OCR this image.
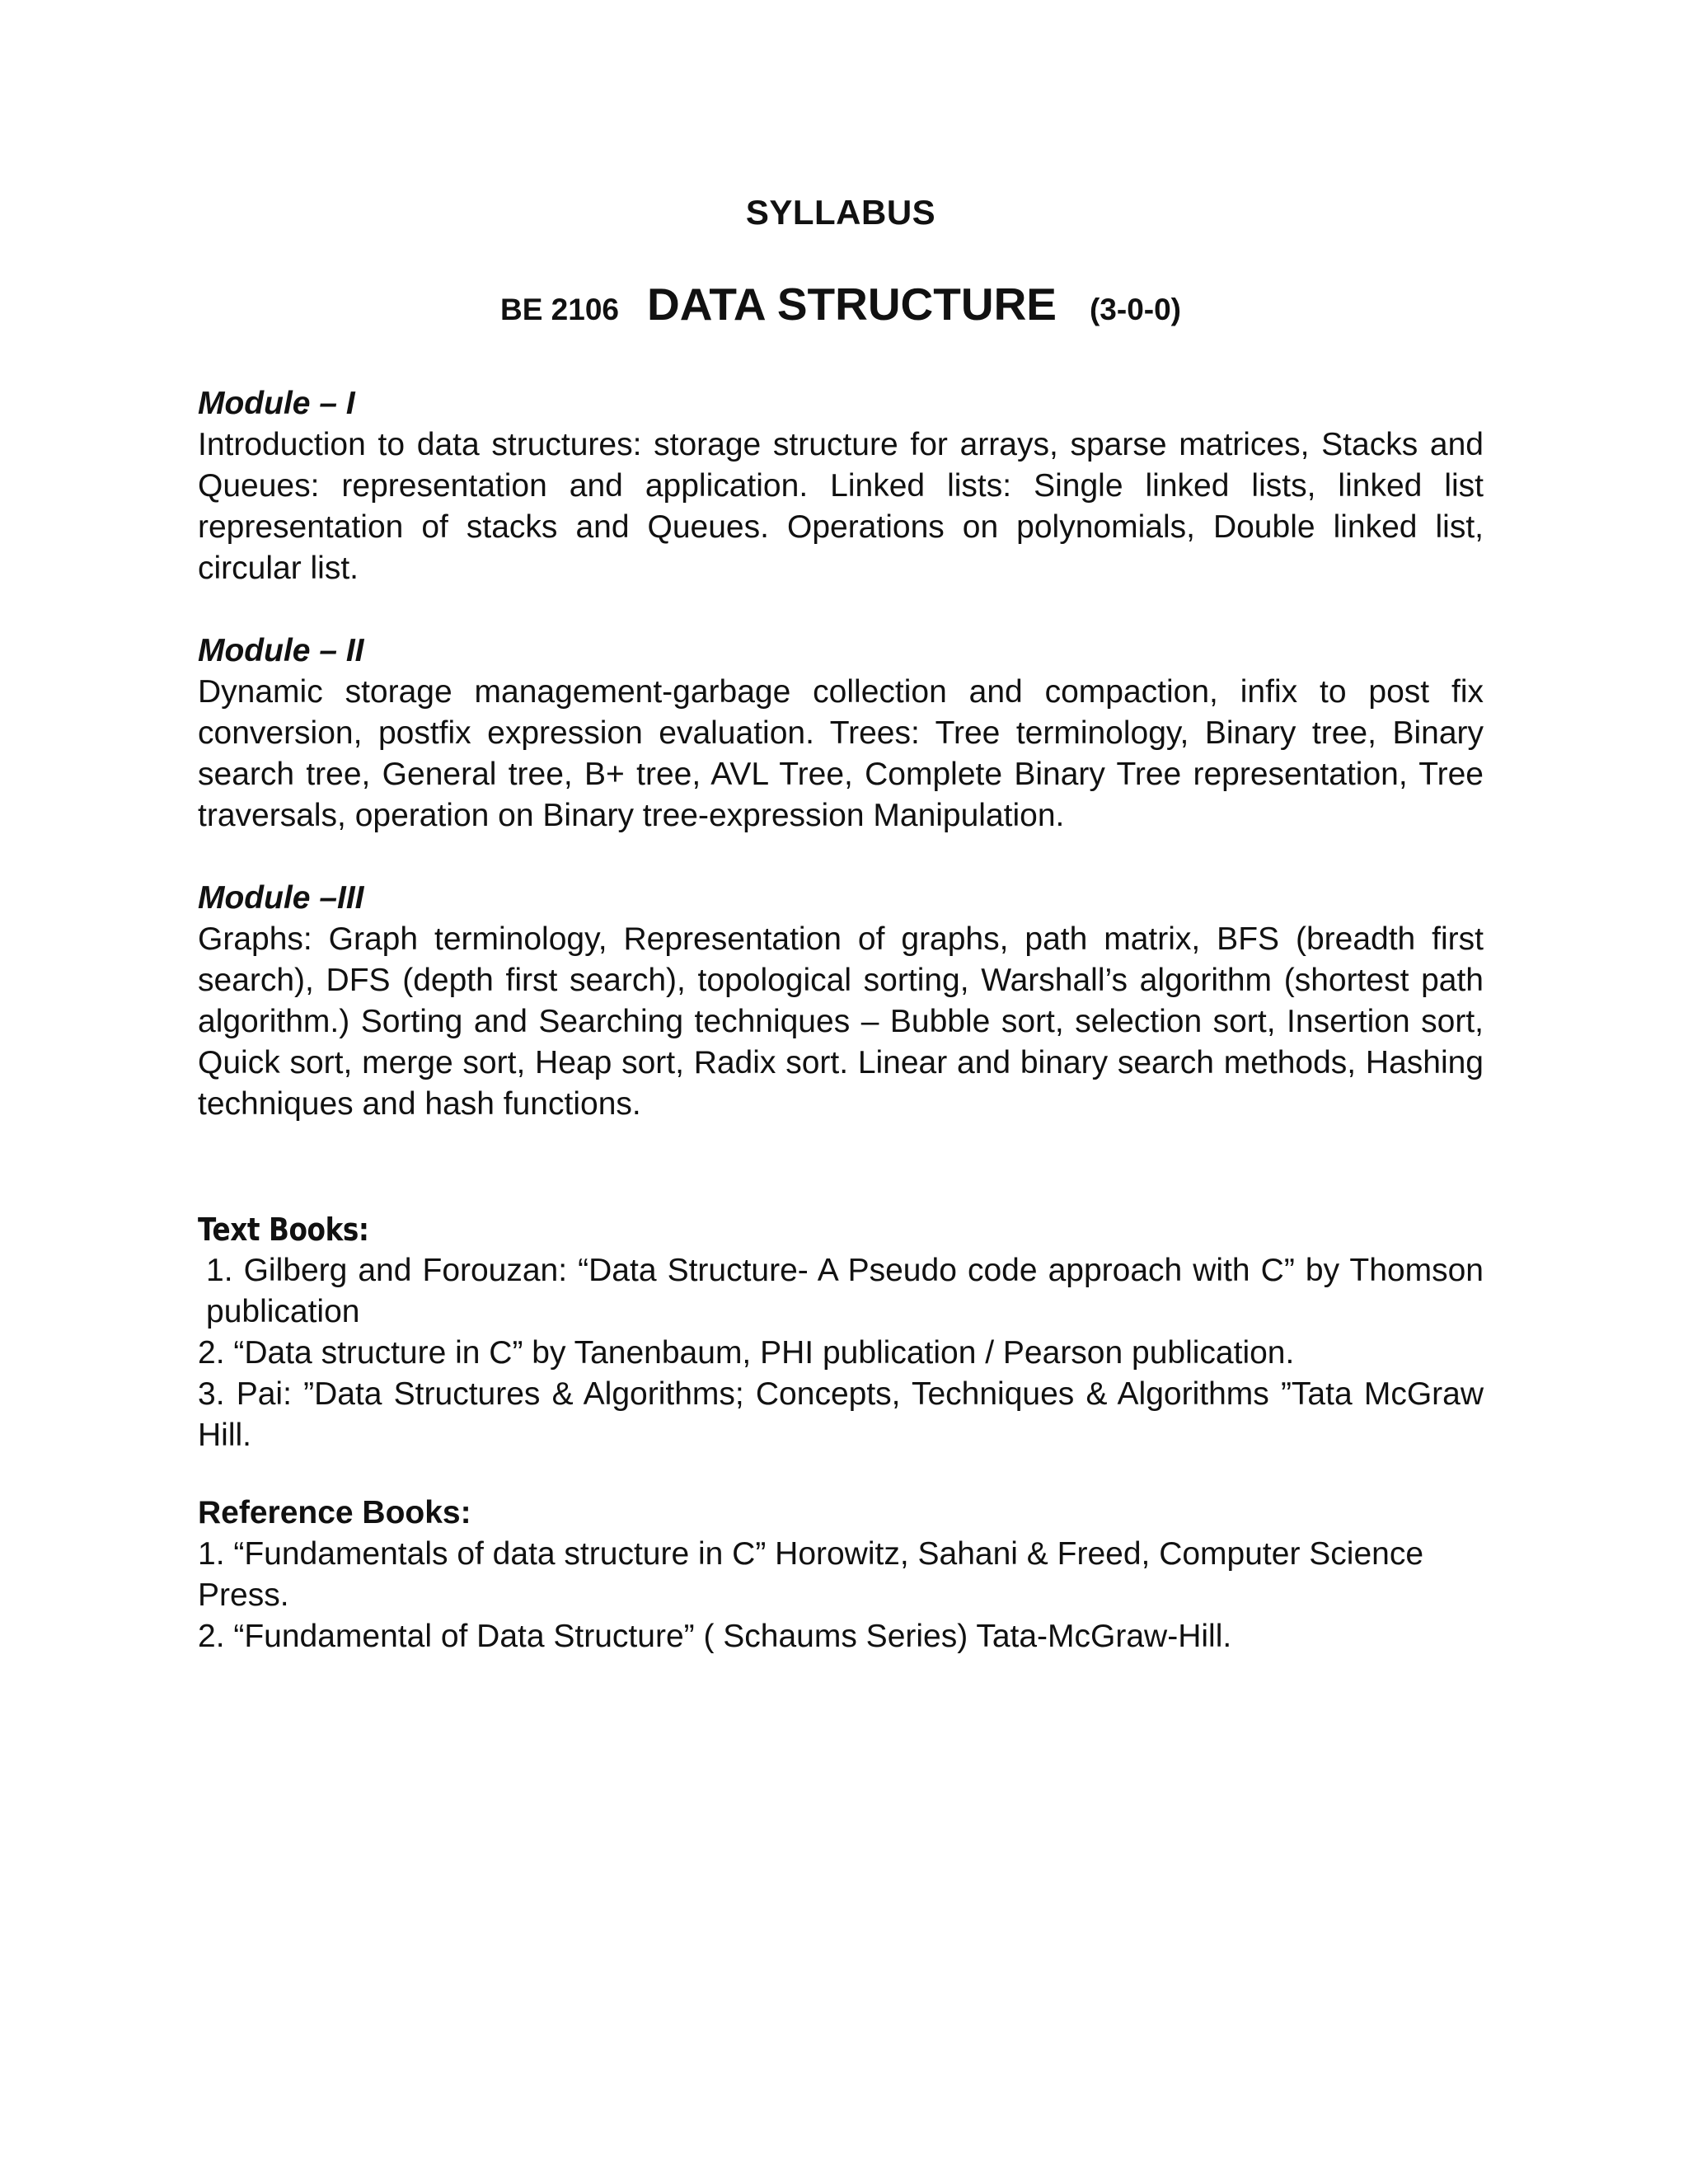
SYLLABUS
BE 2106 DATA STRUCTURE (3-0-0)

Module – I

Introduction to data structures: storage structure for arrays, sparse matrices, Stacks and Queues: representation and application. Linked lists: Single linked lists, linked list representation of stacks and Queues. Operations on polynomials, Double linked list, circular list.

Module – II

Dynamic storage management-garbage collection and compaction, infix to post fix conversion, postfix expression evaluation. Trees: Tree terminology, Binary tree, Binary search tree, General tree, B+ tree, AVL Tree, Complete Binary Tree representation, Tree traversals, operation on Binary tree-expression Manipulation.

Module –III

Graphs: Graph terminology, Representation of graphs, path matrix, BFS (breadth first search), DFS (depth first search), topological sorting, Warshall’s algorithm (shortest path algorithm.) Sorting and Searching techniques – Bubble sort, selection sort, Insertion sort, Quick sort, merge sort, Heap sort, Radix sort. Linear and binary search methods, Hashing techniques and hash functions.

Text Books:

1. Gilberg and Forouzan: “Data Structure- A Pseudo code approach with C” by Thomson publication

2. “Data structure in C” by Tanenbaum, PHI publication / Pearson publication.

3. Pai: ”Data Structures & Algorithms; Concepts, Techniques & Algorithms ”Tata McGraw Hill.

Reference Books:

1. “Fundamentals of data structure in C” Horowitz, Sahani & Freed, Computer Science Press.

2. “Fundamental of Data Structure” ( Schaums Series) Tata-McGraw-Hill.
